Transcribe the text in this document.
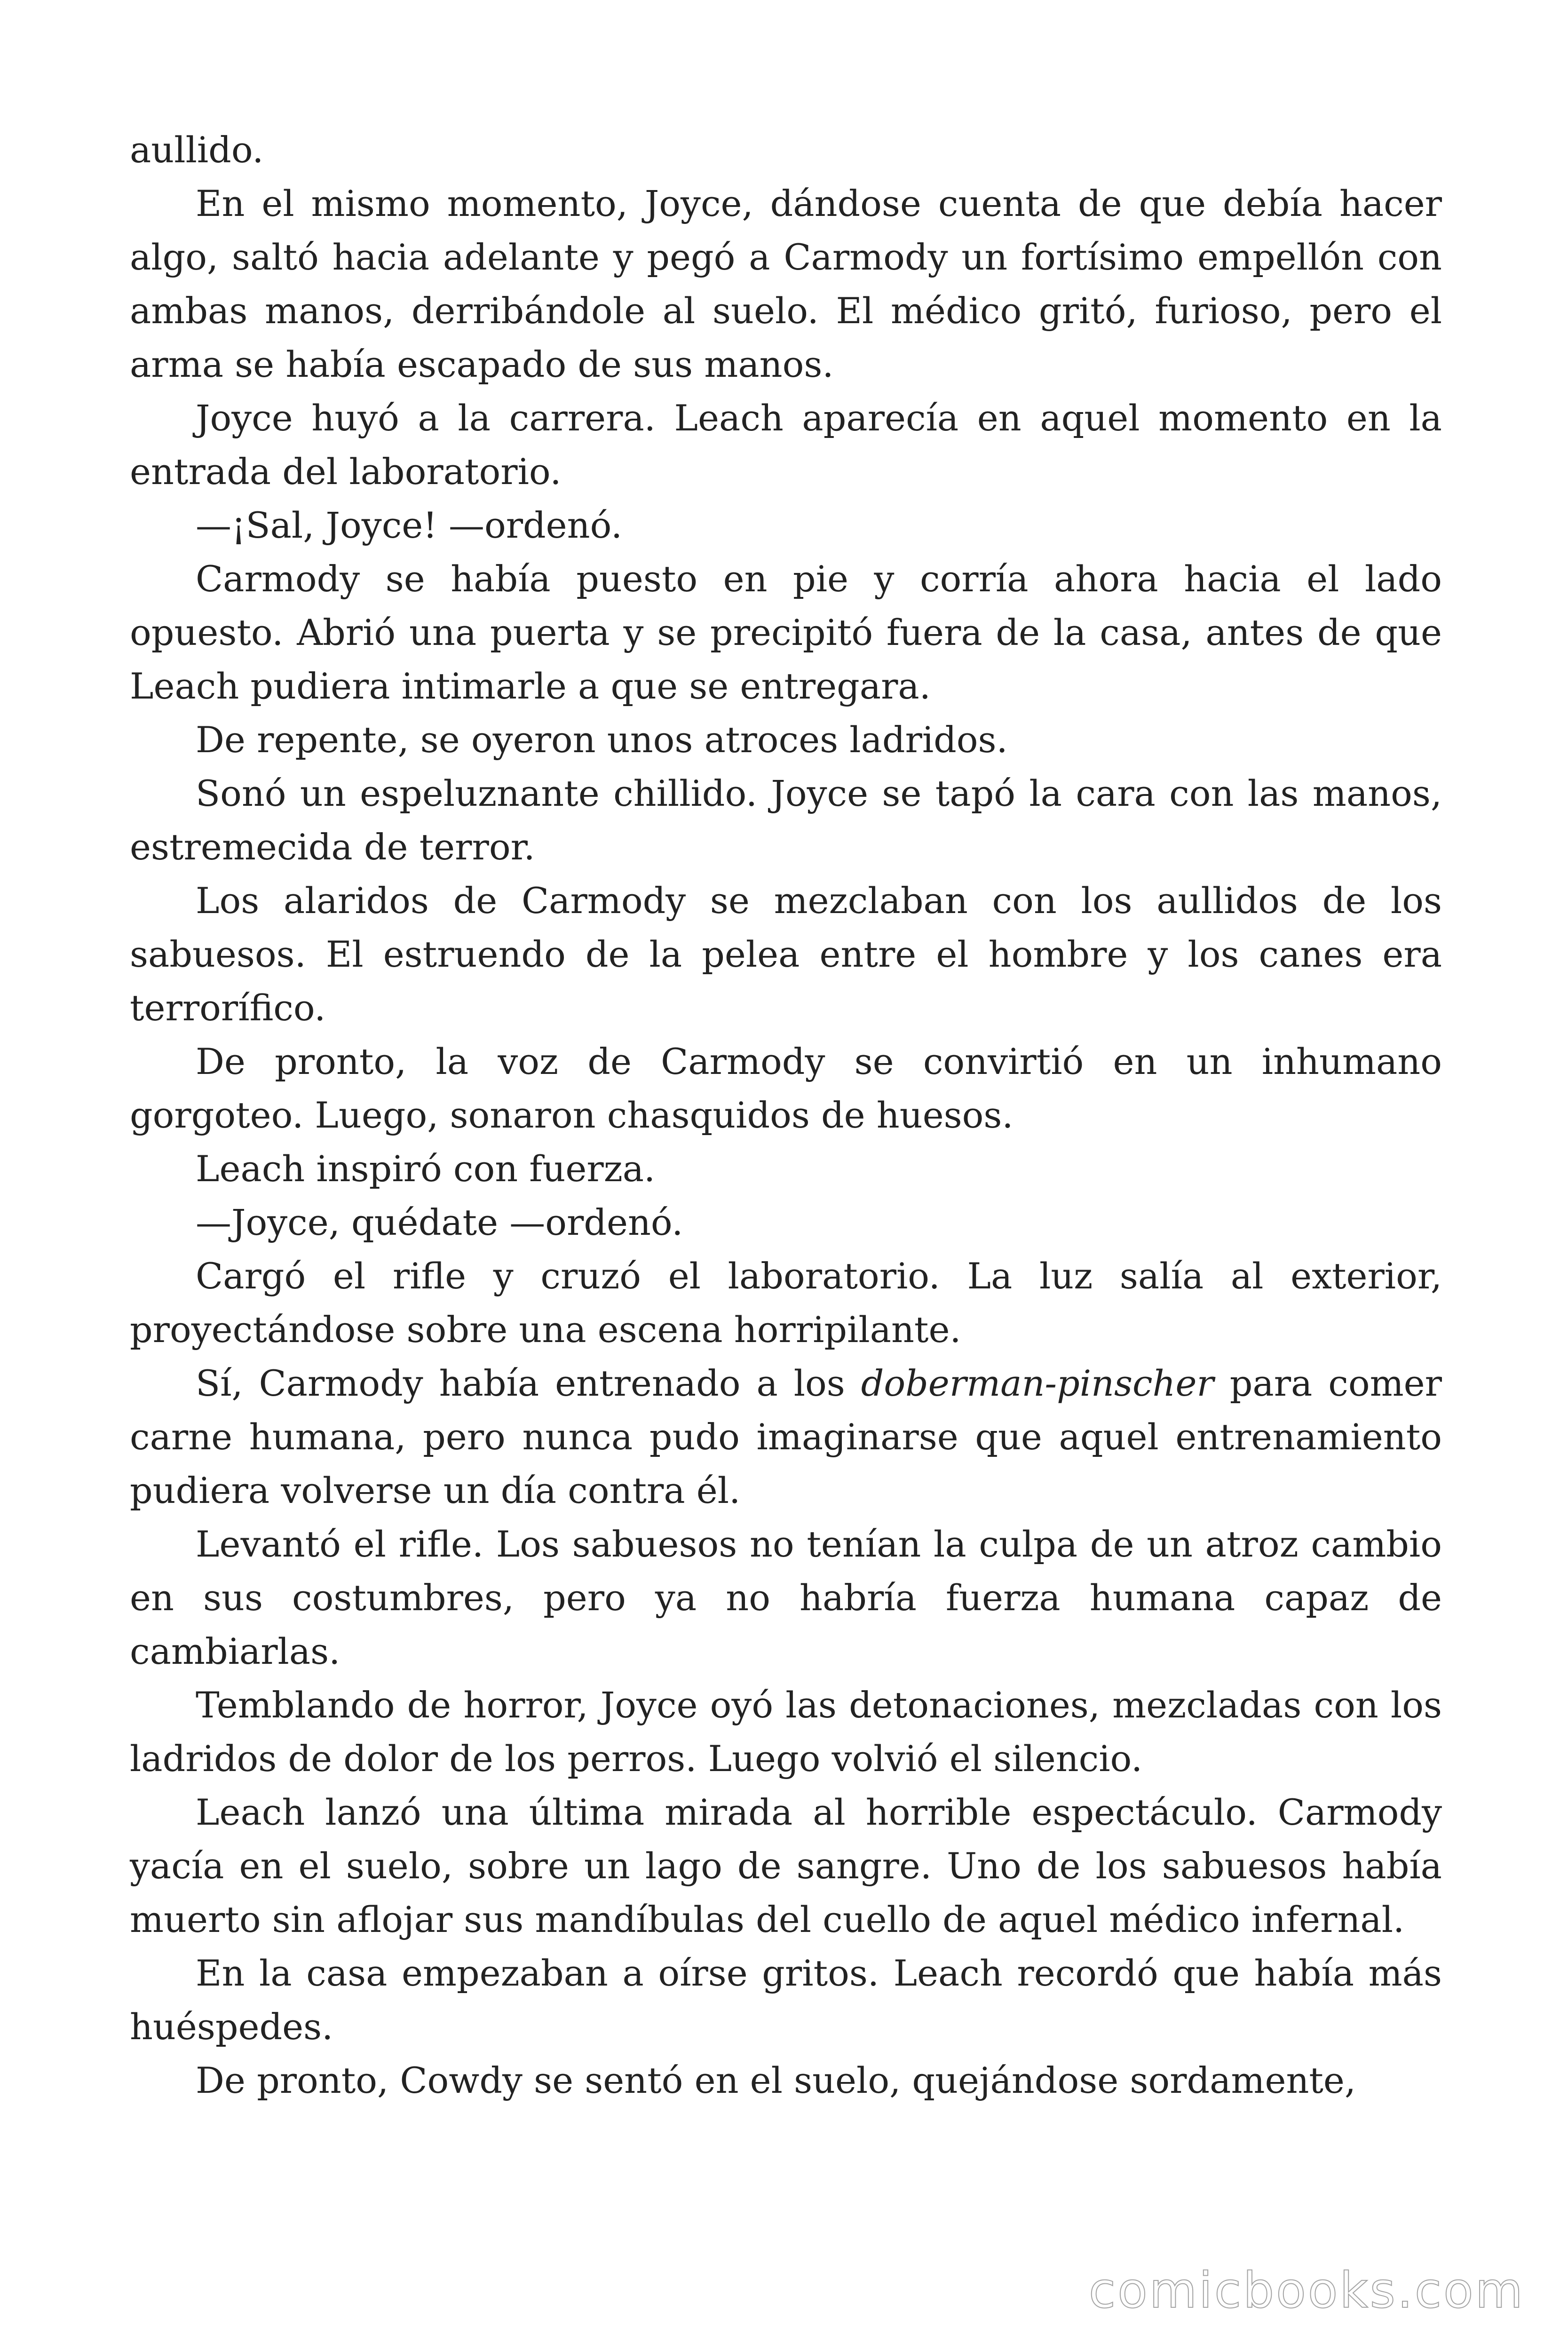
aullido.

En el mismo momento, Joyce, dándose cuenta de que debía hacer algo, saltó hacia adelante y pegó a Carmody un fortísimo empellón con ambas manos, derribándole al suelo. El médico gritó, furioso, pero el arma se había escapado de sus manos.

Joyce huyó a la carrera. Leach aparecía en aquel momento en la entrada del laboratorio.

—¡Sal, Joyce! —ordenó.

Carmody se había puesto en pie y corría ahora hacia el lado opuesto. Abrió una puerta y se precipitó fuera de la casa, antes de que Leach pudiera intimarle a que se entregara.

De repente, se oyeron unos atroces ladridos.

Sonó un espeluznante chillido. Joyce se tapó la cara con las manos, estremecida de terror.

Los alaridos de Carmody se mezclaban con los aullidos de los sabuesos. El estruendo de la pelea entre el hombre y los canes era terrorífico.

De pronto, la voz de Carmody se convirtió en un inhumano gorgoteo. Luego, sonaron chasquidos de huesos.

Leach inspiró con fuerza.

—Joyce, quédate —ordenó.

Cargó el rifle y cruzó el laboratorio. La luz salía al exterior, proyectándose sobre una escena horripilante.

Sí, Carmody había entrenado a los doberman-pinscher para comer carne humana, pero nunca pudo imaginarse que aquel entrenamiento pudiera volverse un día contra él.

Levantó el rifle. Los sabuesos no tenían la culpa de un atroz cambio en sus costumbres, pero ya no habría fuerza humana capaz de cambiarlas.

Temblando de horror, Joyce oyó las detonaciones, mezcladas con los ladridos de dolor de los perros. Luego volvió el silencio.

Leach lanzó una última mirada al horrible espectáculo. Carmody yacía en el suelo, sobre un lago de sangre. Uno de los sabuesos había muerto sin aflojar sus mandíbulas del cuello de aquel médico infernal.

En la casa empezaban a oírse gritos. Leach recordó que había más huéspedes.

De pronto, Cowdy se sentó en el suelo, quejándose sordamente,

comicbooks.com
